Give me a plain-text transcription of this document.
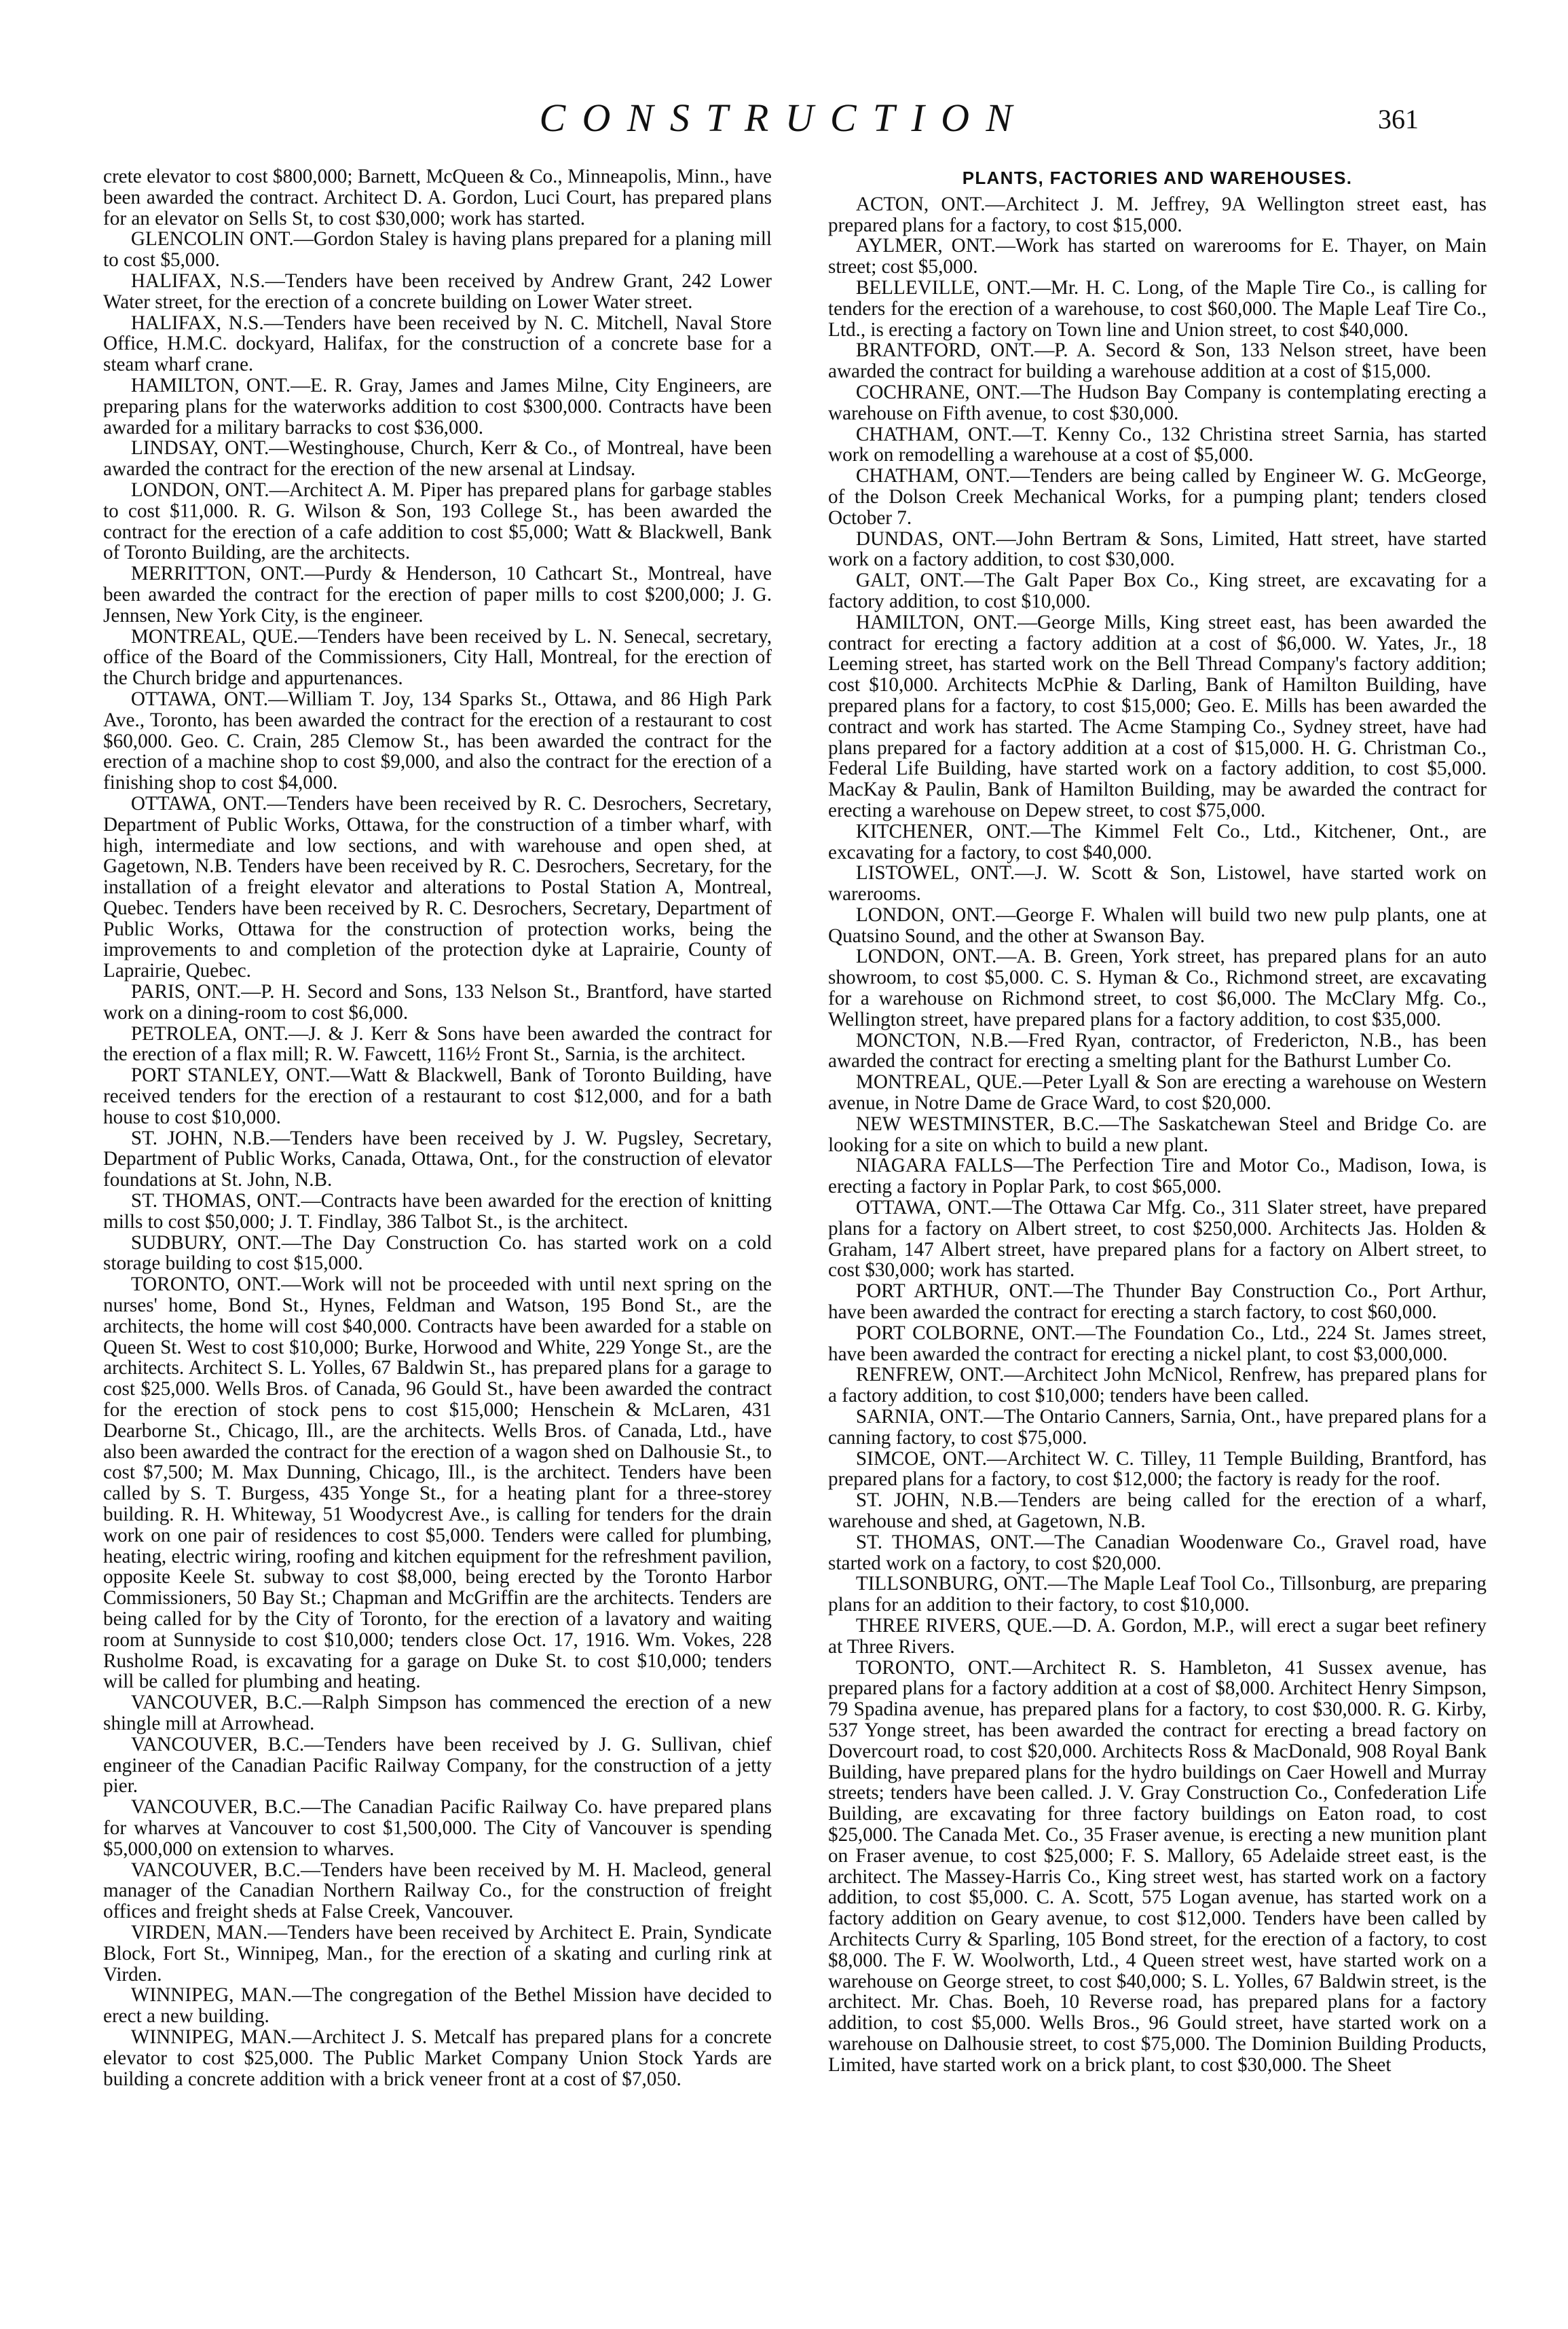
CONSTRUCTION	361

crete elevator to cost $800,000; Barnett, McQueen & Co., Minneapolis, Minn., have been awarded the contract. Architect D. A. Gordon, Luci Court, has prepared plans for an elevator on Sells St, to cost $30,000; work has started.

GLENCOLIN ONT.—Gordon Staley is having plans prepared for a planing mill to cost $5,000.

HALIFAX, N.S.—Tenders have been received by Andrew Grant, 242 Lower Water street, for the erection of a concrete building on Lower Water street.

HALIFAX, N.S.—Tenders have been received by N. C. Mitchell, Naval Store Office, H.M.C. dockyard, Halifax, for the construction of a concrete base for a steam wharf crane.

HAMILTON, ONT.—E. R. Gray, James and James Milne, City Engineers, are preparing plans for the waterworks addition to cost $300,000. Contracts have been awarded for a military barracks to cost $36,000.

LINDSAY, ONT.—Westinghouse, Church, Kerr & Co., of Montreal, have been awarded the contract for the erection of the new arsenal at Lindsay.

LONDON, ONT.—Architect A. M. Piper has prepared plans for garbage stables to cost $11,000. R. G. Wilson & Son, 193 College St., has been awarded the contract for the erection of a cafe addition to cost $5,000; Watt & Blackwell, Bank of Toronto Building, are the architects.

MERRITTON, ONT.—Purdy & Henderson, 10 Cathcart St., Montreal, have been awarded the contract for the erection of paper mills to cost $200,000; J. G. Jennsen, New York City, is the engineer.

MONTREAL, QUE.—Tenders have been received by L. N. Senecal, secretary, office of the Board of the Commissioners, City Hall, Montreal, for the erection of the Church bridge and appurtenances.

OTTAWA, ONT.—William T. Joy, 134 Sparks St., Ottawa, and 86 High Park Ave., Toronto, has been awarded the contract for the erection of a restaurant to cost $60,000. Geo. C. Crain, 285 Clemow St., has been awarded the contract for the erection of a machine shop to cost $9,000, and also the contract for the erection of a finishing shop to cost $4,000.

OTTAWA, ONT.—Tenders have been received by R. C. Desrochers, Secretary, Department of Public Works, Ottawa, for the construction of a timber wharf, with high, intermediate and low sections, and with warehouse and open shed, at Gagetown, N.B. Tenders have been received by R. C. Desrochers, Secretary, for the installation of a freight elevator and alterations to Postal Station A, Montreal, Quebec. Tenders have been received by R. C. Desrochers, Secretary, Department of Public Works, Ottawa for the construction of protection works, being the improvements to and completion of the protection dyke at Laprairie, County of Laprairie, Quebec.

PARIS, ONT.—P. H. Secord and Sons, 133 Nelson St., Brantford, have started work on a dining-room to cost $6,000.

PETROLEA, ONT.—J. & J. Kerr & Sons have been awarded the contract for the erection of a flax mill; R. W. Fawcett, 116½ Front St., Sarnia, is the architect.

PORT STANLEY, ONT.—Watt & Blackwell, Bank of Toronto Building, have received tenders for the erection of a restaurant to cost $12,000, and for a bath house to cost $10,000.

ST. JOHN, N.B.—Tenders have been received by J. W. Pugsley, Secretary, Department of Public Works, Canada, Ottawa, Ont., for the construction of elevator foundations at St. John, N.B.

ST. THOMAS, ONT.—Contracts have been awarded for the erection of knitting mills to cost $50,000; J. T. Findlay, 386 Talbot St., is the architect.

SUDBURY, ONT.—The Day Construction Co. has started work on a cold storage building to cost $15,000.

TORONTO, ONT.—Work will not be proceeded with until next spring on the nurses' home, Bond St., Hynes, Feldman and Watson, 195 Bond St., are the architects, the home will cost $40,000. Contracts have been awarded for a stable on Queen St. West to cost $10,000; Burke, Horwood and White, 229 Yonge St., are the architects. Architect S. L. Yolles, 67 Baldwin St., has prepared plans for a garage to cost $25,000. Wells Bros. of Canada, 96 Gould St., have been awarded the contract for the erection of stock pens to cost $15,000; Henschein & McLaren, 431 Dearborne St., Chicago, Ill., are the architects. Wells Bros. of Canada, Ltd., have also been awarded the contract for the erection of a wagon shed on Dalhousie St., to cost $7,500; M. Max Dunning, Chicago, Ill., is the architect. Tenders have been called by S. T. Burgess, 435 Yonge St., for a heating plant for a three-storey building. R. H. Whiteway, 51 Woodycrest Ave., is calling for tenders for the drain work on one pair of residences to cost $5,000. Tenders were called for plumbing, heating, electric wiring, roofing and kitchen equipment for the refreshment pavilion, opposite Keele St. subway to cost $8,000, being erected by the Toronto Harbor Commissioners, 50 Bay St.; Chapman and McGriffin are the architects. Tenders are being called for by the City of Toronto, for the erection of a lavatory and waiting room at Sunnyside to cost $10,000; tenders close Oct. 17, 1916. Wm. Vokes, 228 Rusholme Road, is excavating for a garage on Duke St. to cost $10,000; tenders will be called for plumbing and heating.

VANCOUVER, B.C.—Ralph Simpson has commenced the erection of a new shingle mill at Arrowhead.

VANCOUVER, B.C.—Tenders have been received by J. G. Sullivan, chief engineer of the Canadian Pacific Railway Company, for the construction of a jetty pier.

VANCOUVER, B.C.—The Canadian Pacific Railway Co. have prepared plans for wharves at Vancouver to cost $1,500,000. The City of Vancouver is spending $5,000,000 on extension to wharves.

VANCOUVER, B.C.—Tenders have been received by M. H. Macleod, general manager of the Canadian Northern Railway Co., for the construction of freight offices and freight sheds at False Creek, Vancouver.

VIRDEN, MAN.—Tenders have been received by Architect E. Prain, Syndicate Block, Fort St., Winnipeg, Man., for the erection of a skating and curling rink at Virden.

WINNIPEG, MAN.—The congregation of the Bethel Mission have decided to erect a new building.

WINNIPEG, MAN.—Architect J. S. Metcalf has prepared plans for a concrete elevator to cost $25,000. The Public Market Company Union Stock Yards are building a concrete addition with a brick veneer front at a cost of $7,050.

PLANTS, FACTORIES AND WAREHOUSES.

ACTON, ONT.—Architect J. M. Jeffrey, 9A Wellington street east, has prepared plans for a factory, to cost $15,000.

AYLMER, ONT.—Work has started on warerooms for E. Thayer, on Main street; cost $5,000.

BELLEVILLE, ONT.—Mr. H. C. Long, of the Maple Tire Co., is calling for tenders for the erection of a warehouse, to cost $60,000. The Maple Leaf Tire Co., Ltd., is erecting a factory on Town line and Union street, to cost $40,000.

BRANTFORD, ONT.—P. A. Secord & Son, 133 Nelson street, have been awarded the contract for building a warehouse addition at a cost of $15,000.

COCHRANE, ONT.—The Hudson Bay Company is contemplating erecting a warehouse on Fifth avenue, to cost $30,000.

CHATHAM, ONT.—T. Kenny Co., 132 Christina street Sarnia, has started work on remodelling a warehouse at a cost of $5,000.

CHATHAM, ONT.—Tenders are being called by Engineer W. G. McGeorge, of the Dolson Creek Mechanical Works, for a pumping plant; tenders closed October 7.

DUNDAS, ONT.—John Bertram & Sons, Limited, Hatt street, have started work on a factory addition, to cost $30,000.

GALT, ONT.—The Galt Paper Box Co., King street, are excavating for a factory addition, to cost $10,000.

HAMILTON, ONT.—George Mills, King street east, has been awarded the contract for erecting a factory addition at a cost of $6,000. W. Yates, Jr., 18 Leeming street, has started work on the Bell Thread Company's factory addition; cost $10,000. Architects McPhie & Darling, Bank of Hamilton Building, have prepared plans for a factory, to cost $15,000; Geo. E. Mills has been awarded the contract and work has started. The Acme Stamping Co., Sydney street, have had plans prepared for a factory addition at a cost of $15,000. H. G. Christman Co., Federal Life Building, have started work on a factory addition, to cost $5,000. MacKay & Paulin, Bank of Hamilton Building, may be awarded the contract for erecting a warehouse on Depew street, to cost $75,000.

KITCHENER, ONT.—The Kimmel Felt Co., Ltd., Kitchener, Ont., are excavating for a factory, to cost $40,000.

LISTOWEL, ONT.—J. W. Scott & Son, Listowel, have started work on warerooms.

LONDON, ONT.—George F. Whalen will build two new pulp plants, one at Quatsino Sound, and the other at Swanson Bay.

LONDON, ONT.—A. B. Green, York street, has prepared plans for an auto showroom, to cost $5,000. C. S. Hyman & Co., Richmond street, are excavating for a warehouse on Richmond street, to cost $6,000. The McClary Mfg. Co., Wellington street, have prepared plans for a factory addition, to cost $35,000.

MONCTON, N.B.—Fred Ryan, contractor, of Fredericton, N.B., has been awarded the contract for erecting a smelting plant for the Bathurst Lumber Co.

MONTREAL, QUE.—Peter Lyall & Son are erecting a warehouse on Western avenue, in Notre Dame de Grace Ward, to cost $20,000.

NEW WESTMINSTER, B.C.—The Saskatchewan Steel and Bridge Co. are looking for a site on which to build a new plant.

NIAGARA FALLS—The Perfection Tire and Motor Co., Madison, Iowa, is erecting a factory in Poplar Park, to cost $65,000.

OTTAWA, ONT.—The Ottawa Car Mfg. Co., 311 Slater street, have prepared plans for a factory on Albert street, to cost $250,000. Architects Jas. Holden & Graham, 147 Albert street, have prepared plans for a factory on Albert street, to cost $30,000; work has started.

PORT ARTHUR, ONT.—The Thunder Bay Construction Co., Port Arthur, have been awarded the contract for erecting a starch factory, to cost $60,000.

PORT COLBORNE, ONT.—The Foundation Co., Ltd., 224 St. James street, have been awarded the contract for erecting a nickel plant, to cost $3,000,000.

RENFREW, ONT.—Architect John McNicol, Renfrew, has prepared plans for a factory addition, to cost $10,000; tenders have been called.

SARNIA, ONT.—The Ontario Canners, Sarnia, Ont., have prepared plans for a canning factory, to cost $75,000.

SIMCOE, ONT.—Architect W. C. Tilley, 11 Temple Building, Brantford, has prepared plans for a factory, to cost $12,000; the factory is ready for the roof.

ST. JOHN, N.B.—Tenders are being called for the erection of a wharf, warehouse and shed, at Gagetown, N.B.

ST. THOMAS, ONT.—The Canadian Woodenware Co., Gravel road, have started work on a factory, to cost $20,000.

TILLSONBURG, ONT.—The Maple Leaf Tool Co., Tillsonburg, are preparing plans for an addition to their factory, to cost $10,000.

THREE RIVERS, QUE.—D. A. Gordon, M.P., will erect a sugar beet refinery at Three Rivers.

TORONTO, ONT.—Architect R. S. Hambleton, 41 Sussex avenue, has prepared plans for a factory addition at a cost of $8,000. Architect Henry Simpson, 79 Spadina avenue, has prepared plans for a factory, to cost $30,000. R. G. Kirby, 537 Yonge street, has been awarded the contract for erecting a bread factory on Dovercourt road, to cost $20,000. Architects Ross & MacDonald, 908 Royal Bank Building, have prepared plans for the hydro buildings on Caer Howell and Murray streets; tenders have been called. J. V. Gray Construction Co., Confederation Life Building, are excavating for three factory buildings on Eaton road, to cost $25,000. The Canada Met. Co., 35 Fraser avenue, is erecting a new munition plant on Fraser avenue, to cost $25,000; F. S. Mallory, 65 Adelaide street east, is the architect. The Massey-Harris Co., King street west, has started work on a factory addition, to cost $5,000. C. A. Scott, 575 Logan avenue, has started work on a factory addition on Geary avenue, to cost $12,000. Tenders have been called by Architects Curry & Sparling, 105 Bond street, for the erection of a factory, to cost $8,000. The F. W. Woolworth, Ltd., 4 Queen street west, have started work on a warehouse on George street, to cost $40,000; S. L. Yolles, 67 Baldwin street, is the architect. Mr. Chas. Boeh, 10 Reverse road, has prepared plans for a factory addition, to cost $5,000. Wells Bros., 96 Gould street, have started work on a warehouse on Dalhousie street, to cost $75,000. The Dominion Building Products, Limited, have started work on a brick plant, to cost $30,000. The Sheet
